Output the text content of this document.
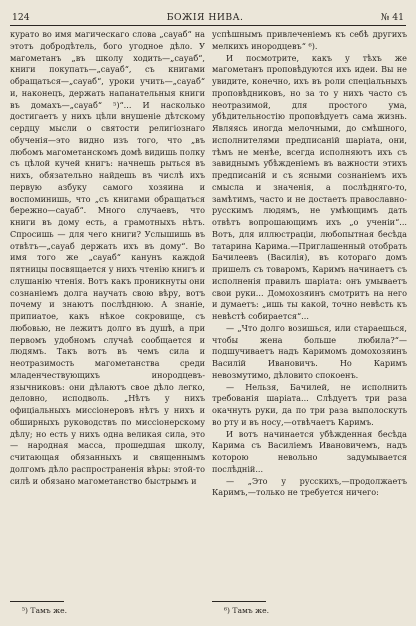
124	БОЖІЯ НИВА.	№ 41

курато во имя магическаго слова „сауаб“ на этотъ добродѣтель, бого угодное дѣло. У магометанъ „въ школу ходить—„сауаб“, книги покупать—„сауаб“, съ книгами обращаться—„сауаб“, уроки учить—„сауаб“ и, наконецъ, держать напанательныя книги въ домахъ—„сауаб“ ⁵)“... И насколько достигаетъ у нихъ цѣли внушеніе дѣтскому сердцу мысли о святости религіознаго обученія—это видно изъ того, что „въ любомъ магометанскомъ домѣ видишь полку съ цѣлой кучей книгъ: начнешь рыться въ нихъ, обязательно найдешь въ числѣ ихъ первую азбуку самого хозяина и воспоминишь, что „съ книгами обращаться бережно—сауаб“. Много случаевъ, что книги въ дому есть, а грамотныхъ нѣтъ. Спросишь — для чего книги? Услышишь въ отвѣтъ—„сауаб держать ихъ въ дому“. Во имя того же „сауаб“ канунъ каждой пятницы посвящается у нихъ чтенію книгъ и слушанію чтенія. Вотъ какъ проникнуты они сознаніемъ долга научать свою вѣру, вотъ почему и знаютъ послѣднюю. А знаніе, припиатое, какъ нѣкое сокровище, съ любовью, не лежитъ долго въ душѣ, а при первомъ удобномъ случаѣ сообщается и людямъ. Такъ вотъ въ чемъ сила и неотразимость магометанства среди младенчествующихъ инородцевъ-язычниковъ: они дѣлаютъ свое дѣло легко, деловно, исподволь. „Нѣтъ у нихъ офиціальныхъ миссіонеровъ нѣтъ у нихъ и обширныхъ руководствъ по миссіонерскому дѣлу; но есть у нихъ одна великая сила, это — народная масса, прошедшая школу, считающая обязанныхъ и священнымъ долгомъ дѣло распространенія вѣры: этой-то силѣ и обязано магометанство быстрымъ и

успѣшнымъ привлеченіемъ къ себѣ другихъ мелкихъ инородцевъ“ ⁶).

И посмотрите, какъ у тѣхъ же магометанъ проповѣдуются ихъ идеи. Вы не увидите, конечно, ихъ въ роли спеціальныхъ проповѣдниковъ, но за то у нихъ часто съ неотразимой, для простого ума, убѣдительностію проповѣдуетъ сама жизнь. Являясь иногда мелочными, до смѣшного, исполнителями предписаній шаріата, они, тѣмъ не менѣе, всегда исполняютъ ихъ съ завиднымъ убѣжденіемъ въ важности этихъ предписаній и съ ясными сознаніемъ ихъ смысла и значенія, а послѣдняго-то, замѣтимъ, часто и не достаетъ православно-русскимъ людямъ, не умѣющимъ дать отвѣтъ вопрошающимъ ихъ „о ученіи“... Вотъ, для иллюстраціи, любопытная бесѣда татарина Карима.—Приглашенный отобрать Бачилеевъ (Василія), въ котораго домъ пришелъ съ товаромъ, Каримъ начинаетъ съ исполненія правилъ шаріата: онъ умываетъ свои руки... Домохозяинъ смотритъ на него и думаетъ: „ишь ты какой, точно невѣсть къ невѣстѣ собирается“...

— „Что долго возишься, или стараешься, чтобы жена больше любила?“—подшучиваетъ надъ Каримомъ домохозяинъ Василій Ивановичъ. Но Каримъ невозмутимо, дѣловито спокоенъ.

— Нельзя, Бачилей, не исполнить требованія шаріата... Слѣдуетъ три раза окачнуть руки, да по три раза выполоскуть во рту и въ носу,—отвѣчаетъ Каримъ.

И вотъ начинается убѣжденная бесѣда Карима съ Василіемъ Ивановичемъ, надъ которою невольно задумывается послѣдній...

— „Это у русскихъ,—продолжаетъ Каримъ,—только не требуется ничего:

⁵) Тамъ же.	⁶) Тамъ же.
